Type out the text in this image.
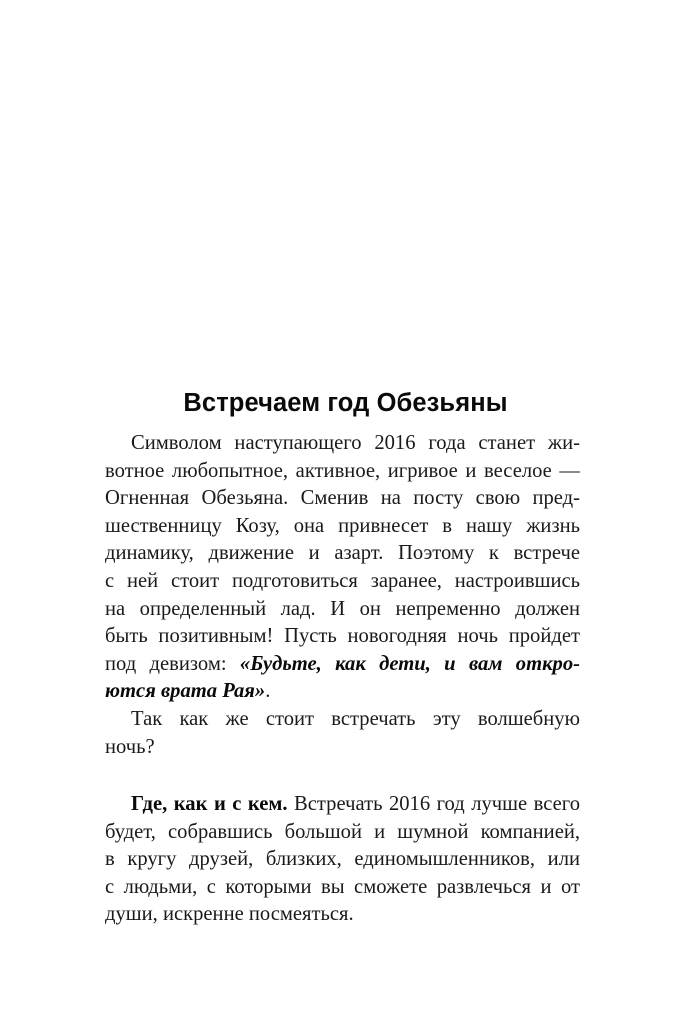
Встречаем год Обезьяны
Символом наступающего 2016 года станет жи-
вотное любопытное, активное, игривое и веселое —
Огненная Обезьяна. Сменив на посту свою пред-
шественницу Козу, она привнесет в нашу жизнь
динамику, движение и азарт. Поэтому к встрече
с ней стоит подготовиться заранее, настроившись
на определенный лад. И он непременно должен
быть позитивным! Пусть новогодняя ночь пройдет
под девизом: «Будьте, как дети, и вам откро-
ются врата Рая».
Так как же стоит встречать эту волшебную
ночь?
Где, как и с кем. Встречать 2016 год лучше всего
будет, собравшись большой и шумной компанией,
в кругу друзей, близких, единомышленников, или
с людьми, с которыми вы сможете развлечься и от
души, искренне посмеяться.
